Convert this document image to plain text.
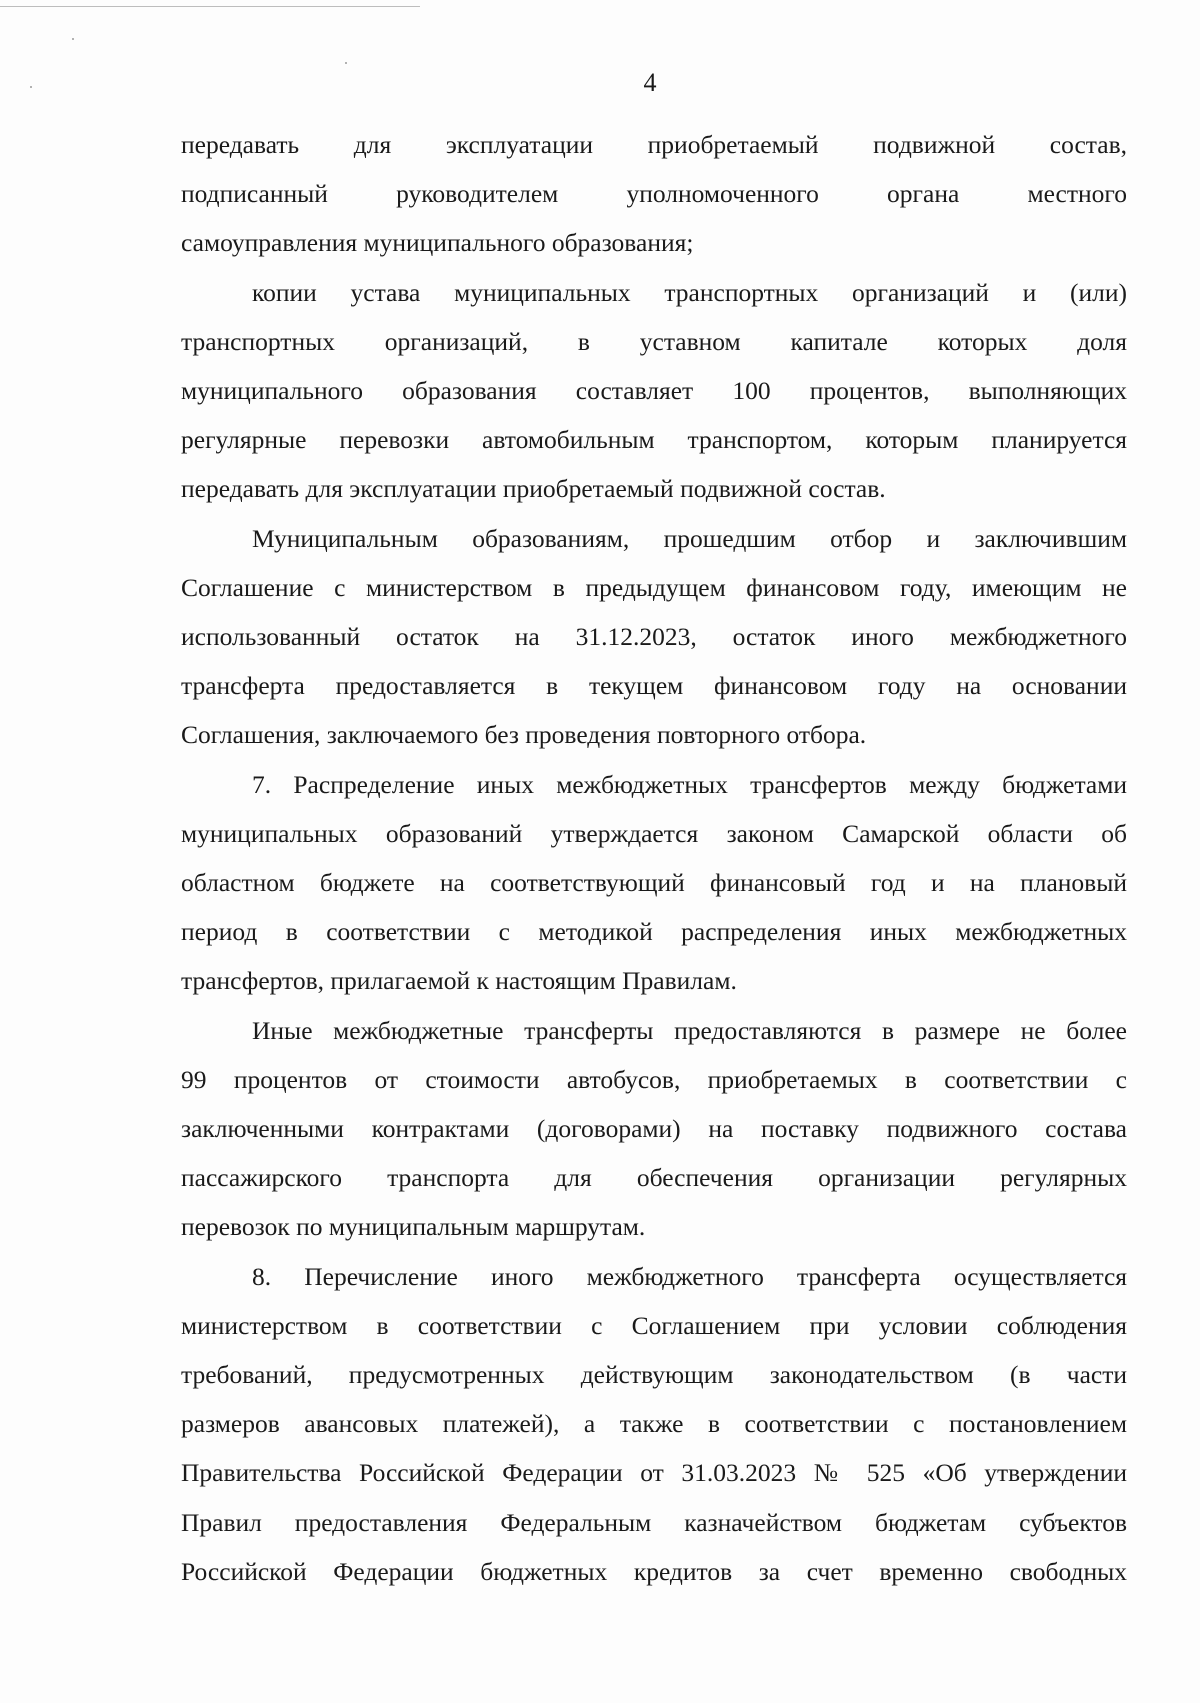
4

передавать для эксплуатации приобретаемый подвижной состав,
подписанный руководителем уполномоченного органа местного
самоуправления муниципального образования;

копии устава муниципальных транспортных организаций и (или)
транспортных организаций, в уставном капитале которых доля
муниципального образования составляет 100 процентов, выполняющих
регулярные перевозки автомобильным транспортом, которым планируется
передавать для эксплуатации приобретаемый подвижной состав.

Муниципальным образованиям, прошедшим отбор и заключившим
Соглашение с министерством в предыдущем финансовом году, имеющим не
использованный остаток на 31.12.2023, остаток иного межбюджетного
трансферта предоставляется в текущем финансовом году на основании
Соглашения, заключаемого без проведения повторного отбора.

7. Распределение иных межбюджетных трансфертов между бюджетами
муниципальных образований утверждается законом Самарской области об
областном бюджете на соответствующий финансовый год и на плановый
период в соответствии с методикой распределения иных межбюджетных
трансфертов, прилагаемой к настоящим Правилам.

Иные межбюджетные трансферты предоставляются в размере не более
99 процентов от стоимости автобусов, приобретаемых в соответствии с
заключенными контрактами (договорами) на поставку подвижного состава
пассажирского транспорта для обеспечения организации регулярных
перевозок по муниципальным маршрутам.

8. Перечисление иного межбюджетного трансферта осуществляется
министерством в соответствии с Соглашением при условии соблюдения
требований, предусмотренных действующим законодательством (в части
размеров авансовых платежей), а также в соответствии с постановлением
Правительства Российской Федерации от 31.03.2023 № 525 «Об утверждении
Правил предоставления Федеральным казначейством бюджетам субъектов
Российской Федерации бюджетных кредитов за счет временно свободных
